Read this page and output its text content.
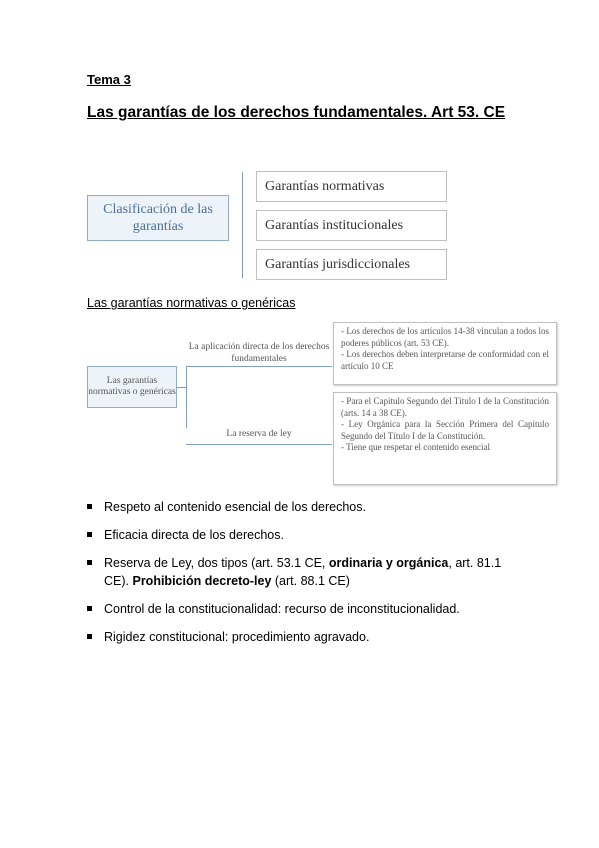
Tema 3
Las garantías de los derechos fundamentales. Art 53. CE
Clasificación de las garantías
Garantías normativas
Garantías institucionales
Garantías jurisdiccionales
Las garantías normativas o genéricas
Las garantías normativas o genéricas
La aplicación directa de los derechos fundamentales
La reserva de ley

- Los derechos de los artículos 14-38 vinculan a todos los poderes públicos (art. 53 CE).

- Los derechos deben interpretarse de conformidad con el artículo 10 CE

- Para el Capítulo Segundo del Título I de la Constitución (arts. 14 a 38 CE).

- Ley Orgánica para la Sección Primera del Capítulo Segundo del Título I de la Constitución.

- Tiene que respetar el contenido esencial

Respeto al contenido esencial de los derechos.
Eficacia directa de los derechos.
Reserva de Ley, dos tipos (art. 53.1 CE, ordinaria y orgánica, art. 81.1 CE). Prohibición decreto-ley (art. 88.1 CE)
Control de la constitucionalidad: recurso de inconstitucionalidad.
Rigidez constitucional: procedimiento agravado.
